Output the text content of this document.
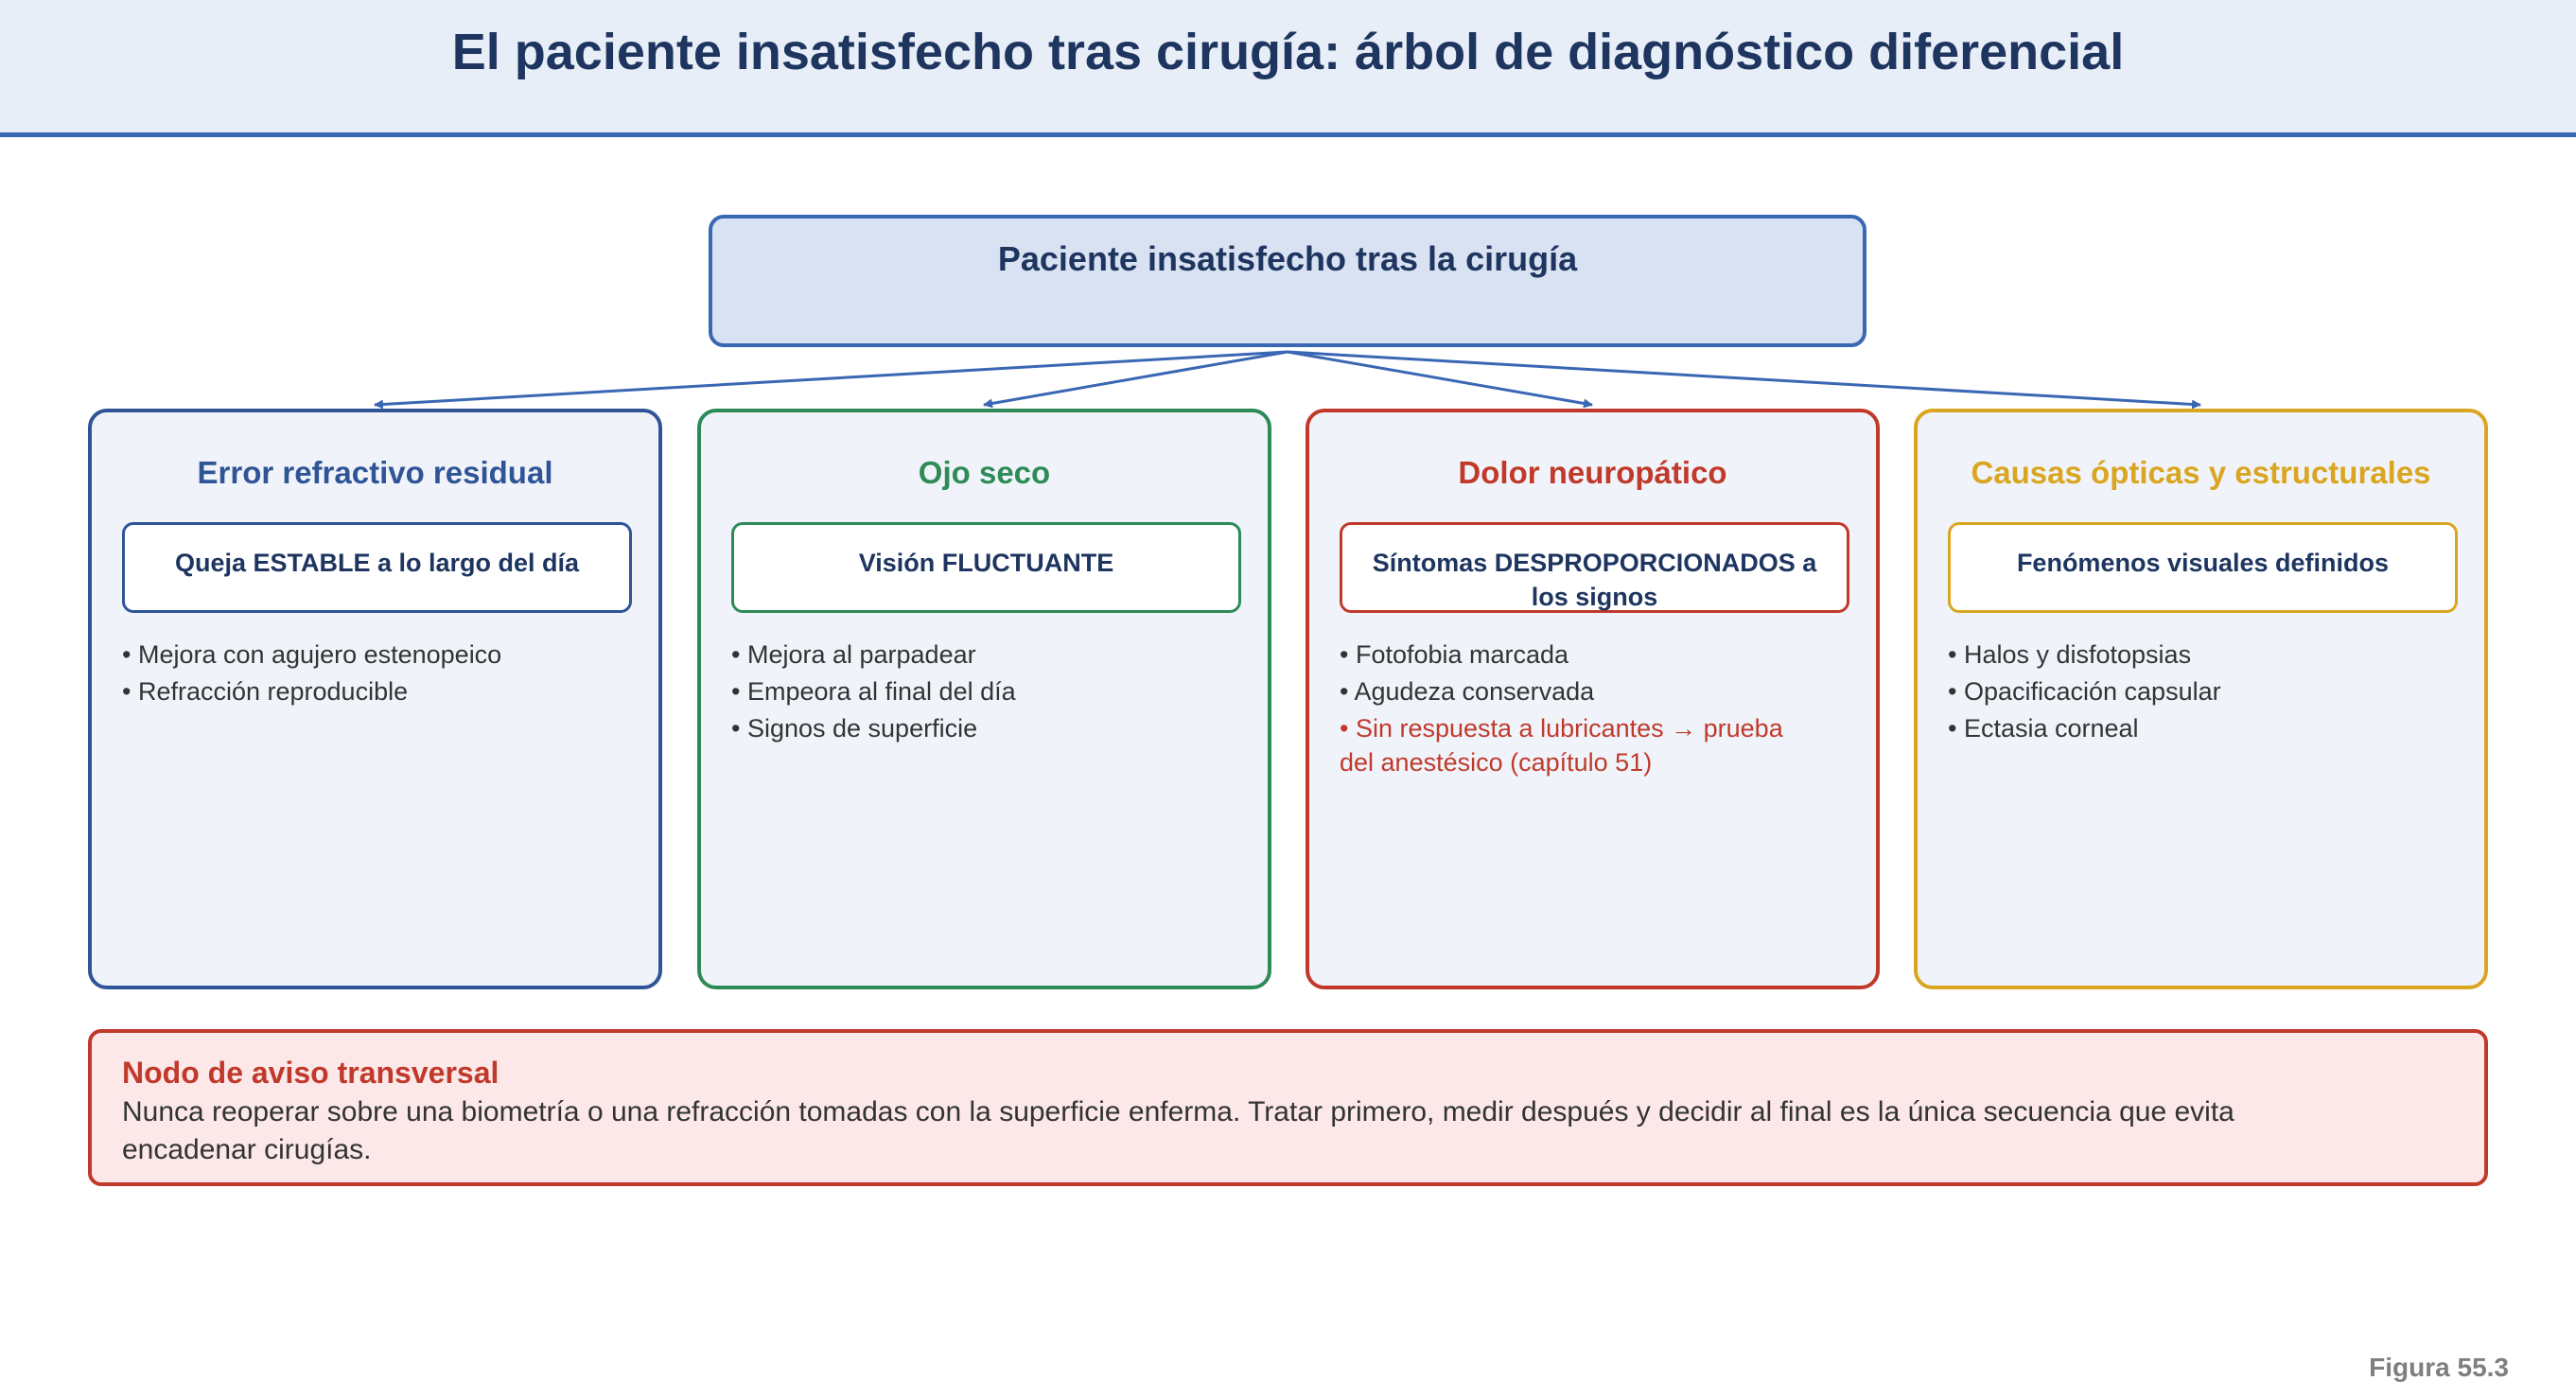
El paciente insatisfecho tras cirugía: árbol de diagnóstico diferencial
Paciente insatisfecho tras la cirugía
Error refractivo residual
Queja ESTABLE a lo largo del día
• Mejora con agujero estenopeico
• Refracción reproducible
Ojo seco
Visión FLUCTUANTE
• Mejora al parpadear
• Empeora al final del día
• Signos de superficie
Dolor neuropático
Síntomas DESPROPORCIONADOS a los signos
• Fotofobia marcada
• Agudeza conservada
• Sin respuesta a lubricantes → prueba del anestésico (capítulo 51)
Causas ópticas y estructurales
Fenómenos visuales definidos
• Halos y disfotopsias
• Opacificación capsular
• Ectasia corneal
Nodo de aviso transversal
Nunca reoperar sobre una biometría o una refracción tomadas con la superficie enferma. Tratar primero, medir después y decidir al final es la única secuencia que evita encadenar cirugías.
Figura 55.3
